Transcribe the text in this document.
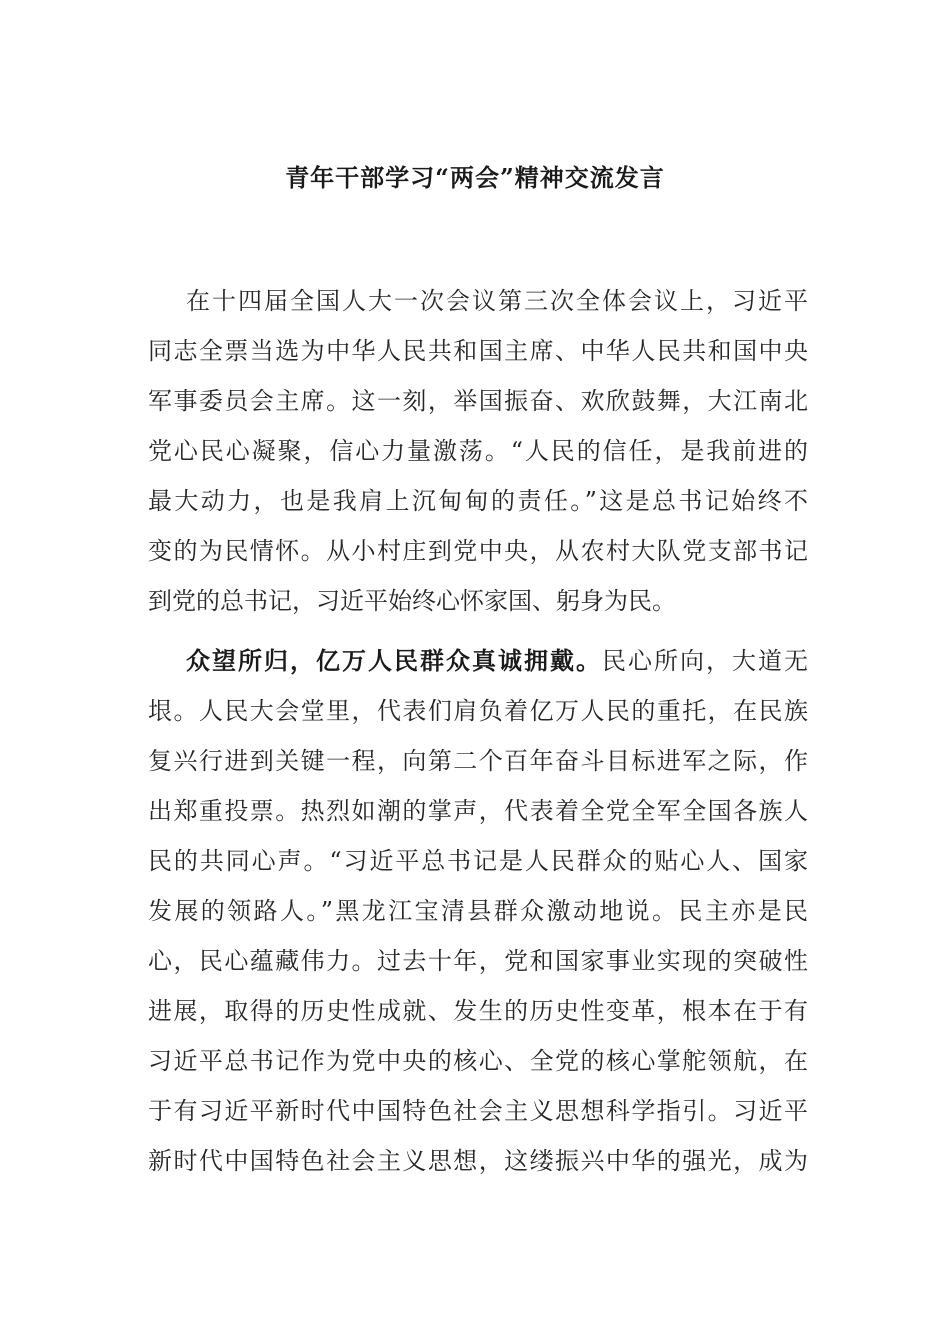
青年干部学习“两会”精神交流发言
在十四届全国人大一次会议第三次全体会议上，习近平
同志全票当选为中华人民共和国主席、中华人民共和国中央
军事委员会主席。这一刻，举国振奋、欢欣鼓舞，大江南北
党心民心凝聚，信心力量激荡。“人民的信任，是我前进的
最大动力，也是我肩上沉甸甸的责任。”这是总书记始终不
变的为民情怀。从小村庄到党中央，从农村大队党支部书记
到党的总书记，习近平始终心怀家国、躬身为民。
众望所归，亿万人民群众真诚拥戴。民心所向，大道无
垠。人民大会堂里，代表们肩负着亿万人民的重托，在民族
复兴行进到关键一程，向第二个百年奋斗目标进军之际，作
出郑重投票。热烈如潮的掌声，代表着全党全军全国各族人
民的共同心声。“习近平总书记是人民群众的贴心人、国家
发展的领路人。”黑龙江宝清县群众激动地说。民主亦是民
心，民心蕴藏伟力。过去十年，党和国家事业实现的突破性
进展，取得的历史性成就、发生的历史性变革，根本在于有
习近平总书记作为党中央的核心、全党的核心掌舵领航，在
于有习近平新时代中国特色社会主义思想科学指引。习近平
新时代中国特色社会主义思想，这缕振兴中华的强光，成为
